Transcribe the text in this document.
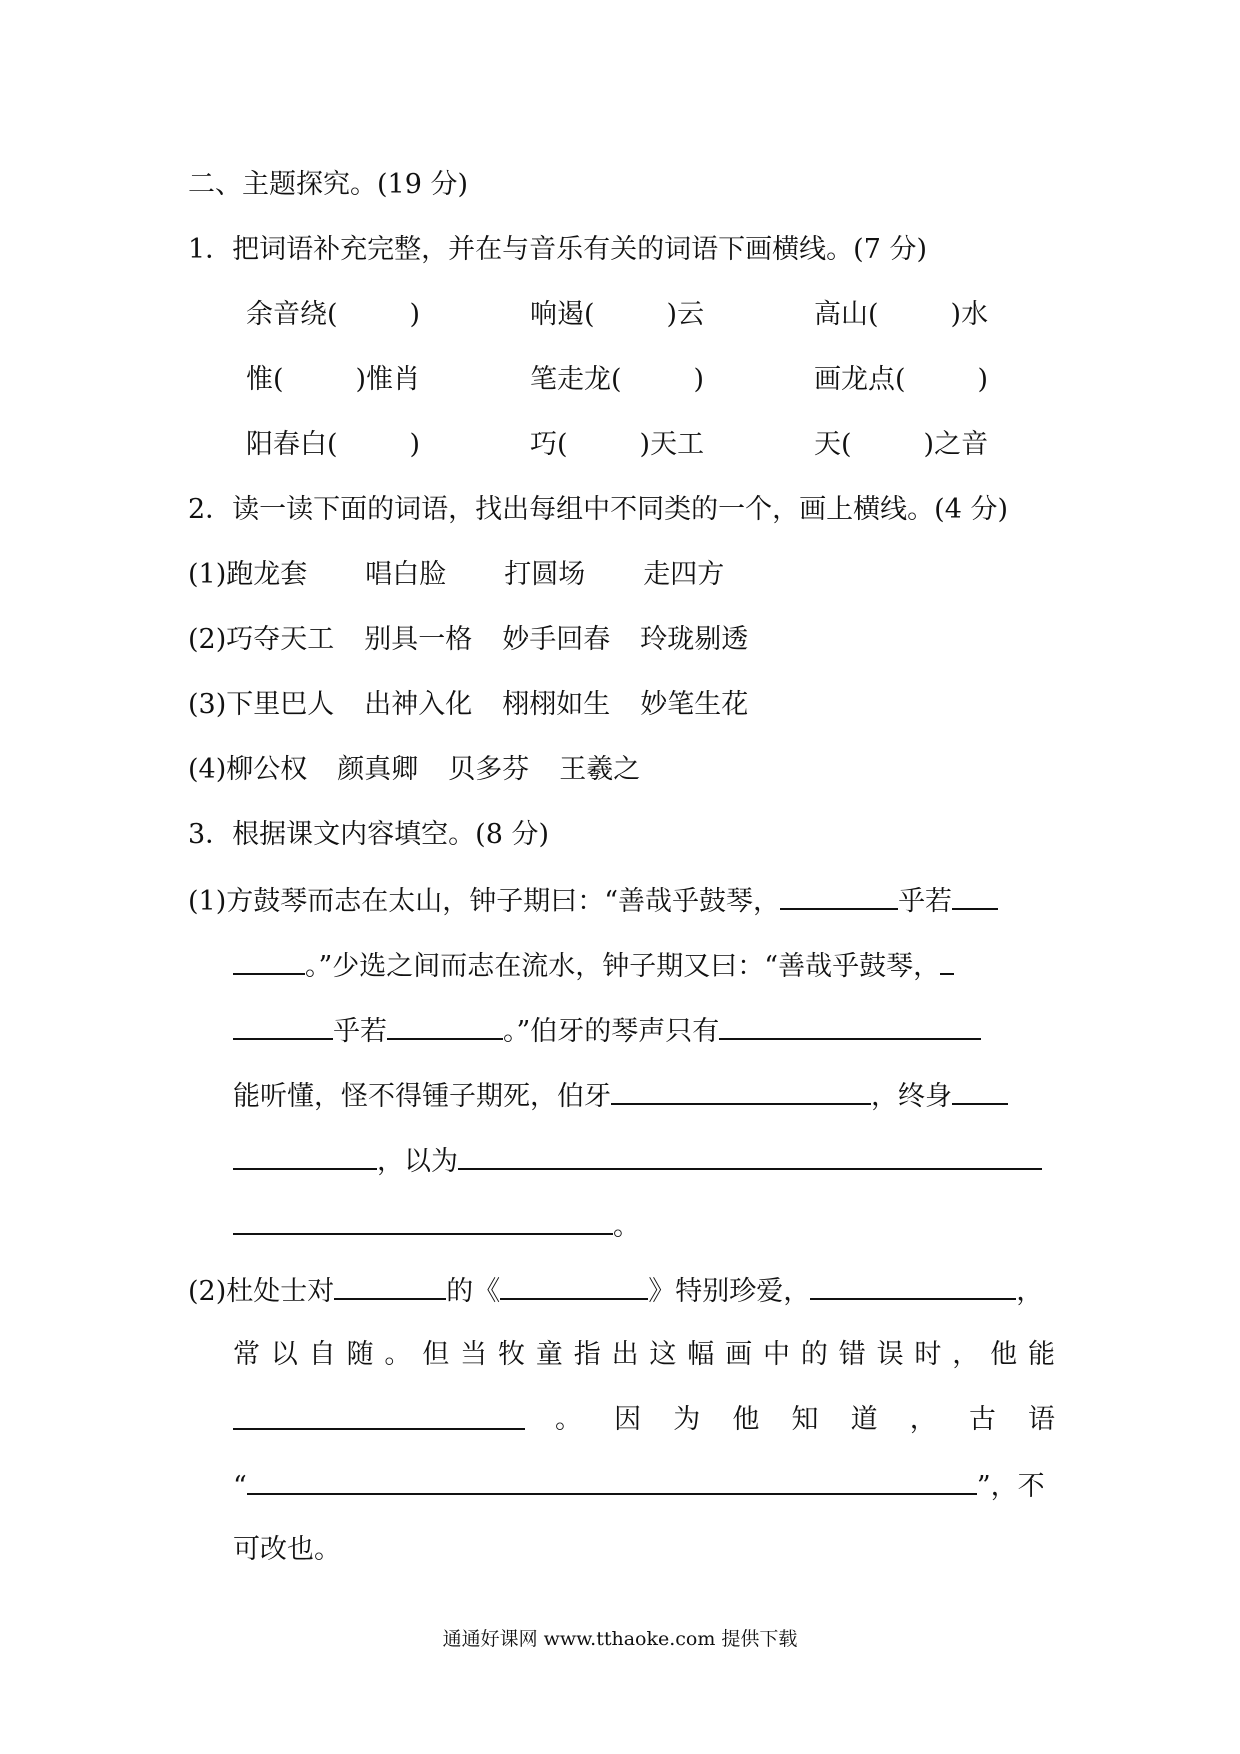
二、主题探究。(19 分)
1．把词语补充完整，并在与音乐有关的词语下画横线。(7 分)
余音绕(	)	响遏(	)云	高山(	)水
惟(	)惟肖	笔走龙(	)	画龙点(	)
阳春白(	)	巧(	)天工	天(	)之音
2．读一读下面的词语，找出每组中不同类的一个，画上横线。(4 分)
(1)跑龙套 唱白脸 打圆场 走四方
(2)巧夺天工 别具一格 妙手回春 玲珑剔透
(3)下里巴人 出神入化 栩栩如生 妙笔生花
(4)柳公权 颜真卿 贝多芬 王羲之
3．根据课文内容填空。(8 分)
(1)方鼓琴而志在太山，钟子期曰：“善哉乎鼓琴，	乎若
。”少选之间而志在流水，钟子期又曰：“善哉乎鼓琴，
乎若	。”伯牙的琴声只有
能听懂，怪不得锺子期死，伯牙	，终身
，以为
。
(2)杜处士对	的《	》特别珍爱，	，
常以自随。但当牧童指出这幅画中的错误时，他能
。因为他知道，古语
“	”，不
可改也。
通通好课网 www.tthaoke.com 提供下载
